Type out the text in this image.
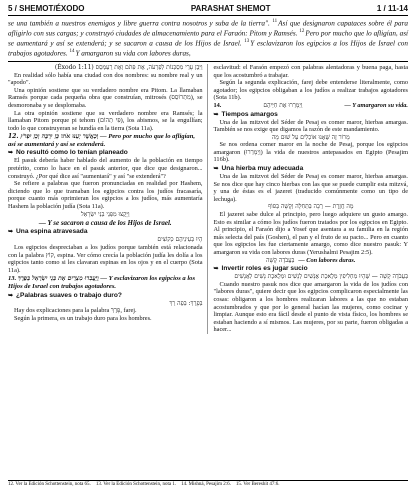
5 / SHEMOT/ÉXODO	PARASHAT SHEMOT	1 / 11-14

se una también a nuestros enemigos y libre guerra contra nosotros y suba de la tierra". $^{11}$Así que designaron capataces sobre él para afligirlo con sus cargas; y construyó ciudades de almacenamiento para el Faraón: Pitom y Ramsés. $^{12}$Pero por mucho que lo afligían, así se aumentará y así se extenderá; y se sacaron a causa de los Hijos de Israel. $^{13}$Y esclavizaron los egipcios a los Hijos de Israel con trabajos agotadores. $^{14}$Y amargaron su vida con labores duras,

וַיִּבֶן עָרֵי מִסְכְּנוֹת לְפַרְעֹה, אֶת פִּתֹם וְאֶת רַעַמְסֵס (Éxodo 1:11)

En realidad sólo había una ciudad con dos nombres: su nombre real y un "apodo".

Una opinión sostiene que su verdadero nombre era Pitom. La llamaban Ramsés porque cada pequeña obra que construían, mitrosés (מִתְרוֹסֵס), se desmoronaba y se desplomaba.

La otra opinión sostiene que su verdadero nombre era Ramsés; la llamaban Pitom porque pi tehom (פִּי תְהוֹם), los abismos, se la engullían; todo lo que construyeran se hundía en la tierra (Sota 11a).

12. וְכַאֲשֶׁר יְעַנּוּ אֹתוֹ כֵּן יִרְבֶּה וְכֵן יִפְרֹץ — Pero por mucho que lo afligían, así se aumentará y así se extenderá.

➥ No resultó como lo tenían planeado

El pasuk debería haber hablado del aumento de la población en tiempo pretérito, como lo hace en el pasuk anterior, que dice que designaron... construyó. ¿Por qué dice así "aumentará" y así "se extenderá"?

Se refiere a palabras que fueron pronunciadas en realidad por Hashem, diciendo que lo que tramaban los egipcios contra los judíos fracasaría, porque cuanto más oprimieran los egipcios a los judíos, más aumentaría Hashem la población judía (Sota 11a).

וַיָּקֻצוּ מִפְּנֵי בְּנֵי יִשְׂרָאֵל

— Y se sacaron a causa de los Hijos de Israel.

➥ Una espina atravesada

הָיוּ בְּעֵינֵיהֶם כְּקוֹצִים

Los egipcios despreciaban a los judíos porque también está relacionada con la palabra קוֹץ, espina. Ver cómo crecía la población judía les dolía a los egipcios tanto como si les clavaran espinas en los ojos y en el cuerpo (Sota 11a).

13. וַיַּעֲבִדוּ מִצְרַיִם אֶת בְּנֵי יִשְׂרָאֵל בְּפָרֶךְ — Y esclavizaron los egipcios a los Hijos de Israel con trabajos agotadores.

➥ ¿Palabras suaves o trabajo duro?

בְּפָרֶךְ: בְּפֶה רַךְ

Hay dos explicaciones para la palabra פָּרֶךְ, farej.

Según la primera, es un trabajo duro para los hombres.

esclavitud: el Faraón empezó con palabras alentadoras y buena paga, hasta que los acostumbró a trabajar.

Según la segunda explicación, farej debe entenderse literalmente, como agotador; los egipcios obligaban a los judíos a realizar trabajos agotadores (Sota 11b).

14.	וַיְמָרְרוּ אֶת חַיֵּיהֶם	— Y amargaron su vida.
➥ Tiempos amargos

Una de las mitzvot del Séder de Pesaj es comer maror, hierbas amargas. También se nos exige que digamos la razón de este mandamiento.

מָרוֹר זֶה שֶׁאָנוּ אוֹכְלִים עַל שׁוּם מָה

Se nos ordena comer maror en la noche de Pesaj, porque los egipcios amargaron (וַיְמָרְרוּ) la vida de nuestros antepasados en Egipto (Pesajim 116b).

➥ Una hierba muy adecuada

Una de las mitzvot del Séder de Pesaj es comer maror, hierbas amargas. Se nos dice que hay cinco hierbas con las que se puede cumplir esta mitzvá, y una de éstas es el jazeret (traducido comúnmente como un tipo de lechuga).

מָה חֲזֶרֶת — רַכָּה בַּתְּחִלָּה וְקָשָׁה בַּסּוֹף

El jazeret sabe dulce al principio, pero luego adquiere un gusto amargo. Esto es similar a cómo los judíos fueron tratados por los egipcios en Egipto. Al principio, el Faraón dijo a Yosef que asentara a su familia en la región más selecta del país (Goshen), el pan y el fruto de su pacto... Pero en cuanto que los egipcios les fue ciertamente amargo, como dice nuestro pasuk: Y amargaron su vida con labores duras (Yerushalmi Pesajim 2:5).

בַּעֲבֹדָה קָשָׁה — Con labores duras.
➥ Invertir roles es jugar sucio

בְּעֲבֹדָה קָשָׁה — שֶׁהָיוּ מַחְלִיפִין מְלֶאכֶת אֲנָשִׁים לְנָשִׁים וּמְלֶאכֶת נָשִׁים לַאֲנָשִׁים

Cuando nuestro pasuk nos dice que amargaron la vida de los judíos con "labores duras", quiere decir que los egipcios complicaron especialmente las cosas: obligaron a los hombres realizaran labores a las que no estaban acostumbrados y que por lo general hacían las mujeres, como cocinar y limpiar. Aunque esto era fácil desde el punto de vista físico, los hombres se estaban haciendo a sí mismos. Las mujeres, por su parte, fueron obligadas a hacer...

12. Ver la Edición Schottenstein, nota 65. 13. Ver la Edición Schottenstein, nota 1. 14. Mishná, Pesajim 2:6. 15. Ver Bereshit 47:6.
